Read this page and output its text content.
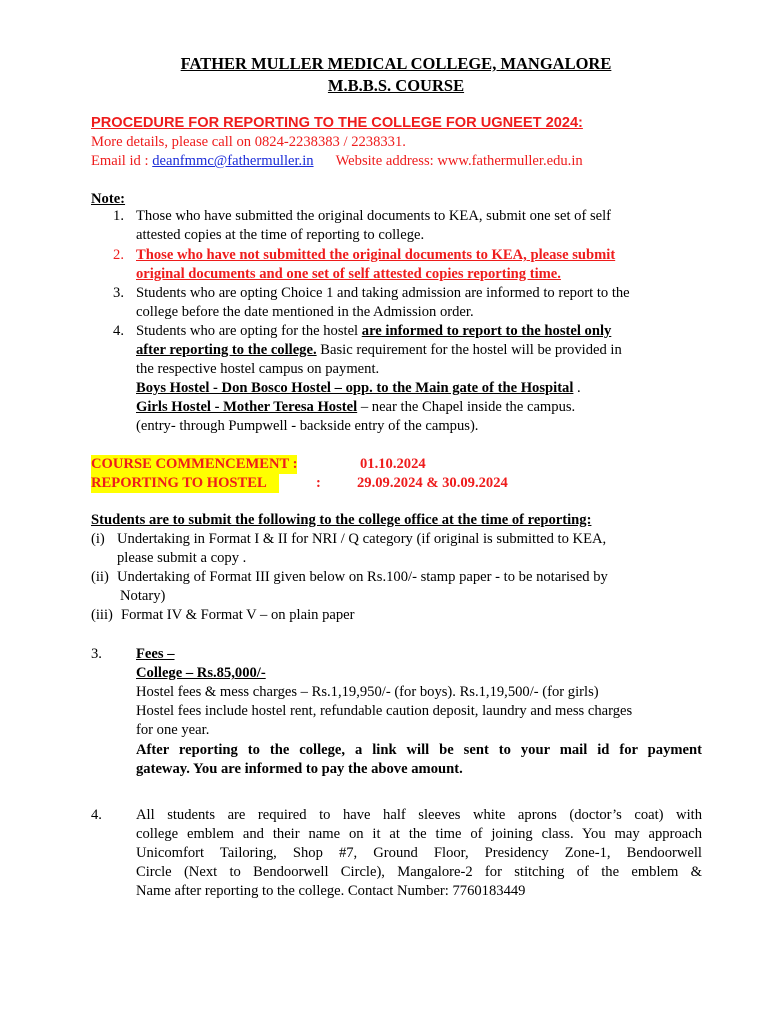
FATHER MULLER MEDICAL COLLEGE, MANGALORE
M.B.B.S. COURSE
PROCEDURE FOR REPORTING TO THE COLLEGE FOR UGNEET 2024:
More details, please call on 0824-2238383 / 2238331.
Email id : deanfmmc@fathermuller.in Website address: www.fathermuller.edu.in
Note:
1. Those who have submitted the original documents to KEA, submit one set of self
attested copies at the time of reporting to college.
2. Those who have not submitted the original documents to KEA, please submit
original documents and one set of self attested copies reporting time.
3. Students who are opting Choice 1 and taking admission are informed to report to the
college before the date mentioned in the Admission order.
4. Students who are opting for the hostel are informed to report to the hostel only
after reporting to the college. Basic requirement for the hostel will be provided in
the respective hostel campus on payment.
Boys Hostel - Don Bosco Hostel – opp. to the Main gate of the Hospital .
Girls Hostel - Mother Teresa Hostel – near the Chapel inside the campus.
(entry- through Pumpwell - backside entry of the campus).
COURSE COMMENCEMENT :	01.10.2024
REPORTING TO HOSTEL	: 29.09.2024 & 30.09.2024
Students are to submit the following to the college office at the time of reporting:
(i) Undertaking in Format I & II for NRI / Q category (if original is submitted to KEA,
please submit a copy .
(ii) Undertaking of Format III given below on Rs.100/- stamp paper - to be notarised by
Notary)
(iii) Format IV & Format V – on plain paper
3. Fees –
College – Rs.85,000/-
Hostel fees & mess charges – Rs.1,19,950/- (for boys). Rs.1,19,500/- (for girls)
Hostel fees include hostel rent, refundable caution deposit, laundry and mess charges
for one year.
After reporting to the college, a link will be sent to your mail id for payment
gateway. You are informed to pay the above amount.
4. All students are required to have half sleeves white aprons (doctor’s coat) with
college emblem and their name on it at the time of joining class. You may approach
Unicomfort Tailoring, Shop #7, Ground Floor, Presidency Zone-1, Bendoorwell
Circle (Next to Bendoorwell Circle), Mangalore-2 for stitching of the emblem &
Name after reporting to the college. Contact Number: 7760183449
